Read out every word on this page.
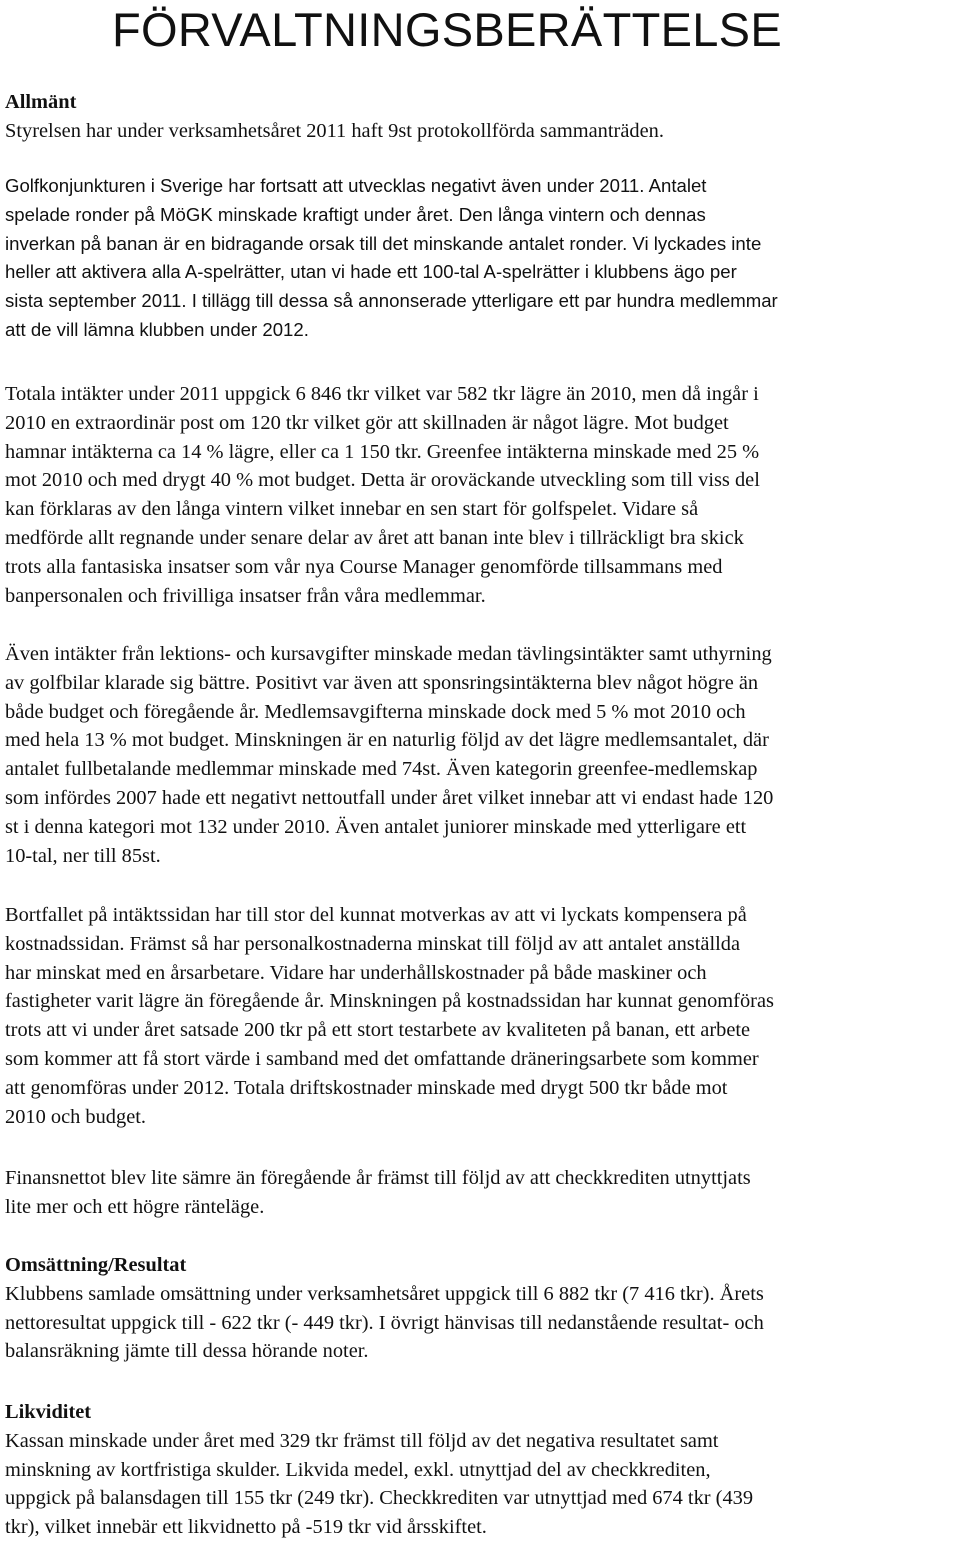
FÖRVALTNINGSBERÄTTELSE
Allmänt
Styrelsen har under verksamhetsåret 2011 haft 9st protokollförda sammanträden.
Golfkonjunkturen i Sverige har fortsatt att utvecklas negativt även under 2011. Antalet
spelade ronder på MöGK minskade kraftigt under året. Den långa vintern och dennas
inverkan på banan är en bidragande orsak till det minskande antalet ronder. Vi lyckades inte
heller att aktivera alla A-spelrätter, utan vi hade ett 100-tal A-spelrätter i klubbens ägo per
sista september 2011. I tillägg till dessa så annonserade ytterligare ett par hundra medlemmar
att de vill lämna klubben under 2012.
Totala intäkter under 2011 uppgick 6 846 tkr vilket var 582 tkr lägre än 2010, men då ingår i
2010 en extraordinär post om 120 tkr vilket gör att skillnaden är något lägre. Mot budget
hamnar intäkterna ca 14 % lägre, eller ca 1 150 tkr. Greenfee intäkterna minskade med 25 %
mot 2010 och med drygt 40 % mot budget. Detta är oroväckande utveckling som till viss del
kan förklaras av den långa vintern vilket innebar en sen start för golfspelet. Vidare så
medförde allt regnande under senare delar av året att banan inte blev i tillräckligt bra skick
trots alla fantasiska insatser som vår nya Course Manager genomförde tillsammans med
banpersonalen och frivilliga insatser från våra medlemmar.
Även intäkter från lektions- och kursavgifter minskade medan tävlingsintäkter samt uthyrning
av golfbilar klarade sig bättre. Positivt var även att sponsringsintäkterna blev något högre än
både budget och föregående år. Medlemsavgifterna minskade dock med 5 % mot 2010 och
med hela 13 % mot budget. Minskningen är en naturlig följd av det lägre medlemsantalet, där
antalet fullbetalande medlemmar minskade med 74st. Även kategorin greenfee-medlemskap
som infördes 2007 hade ett negativt nettoutfall under året vilket innebar att vi endast hade 120
st i denna kategori mot 132 under 2010. Även antalet juniorer minskade med ytterligare ett
10-tal, ner till 85st.
Bortfallet på intäktssidan har till stor del kunnat motverkas av att vi lyckats kompensera på
kostnadssidan. Främst så har personalkostnaderna minskat till följd av att antalet anställda
har minskat med en årsarbetare. Vidare har underhållskostnader på både maskiner och
fastigheter varit lägre än föregående år. Minskningen på kostnadssidan har kunnat genomföras
trots att vi under året satsade 200 tkr på ett stort testarbete av kvaliteten på banan, ett arbete
som kommer att få stort värde i samband med det omfattande dräneringsarbete som kommer
att genomföras under 2012. Totala driftskostnader minskade med drygt 500 tkr både mot
2010 och budget.
Finansnettot blev lite sämre än föregående år främst till följd av att checkkrediten utnyttjats
lite mer och ett högre ränteläge.
Omsättning/Resultat
Klubbens samlade omsättning under verksamhetsåret uppgick till 6 882 tkr (7 416 tkr). Årets
nettoresultat uppgick till - 622 tkr (- 449 tkr). I övrigt hänvisas till nedanstående resultat- och
balansräkning jämte till dessa hörande noter.
Likviditet
Kassan minskade under året med 329 tkr främst till följd av det negativa resultatet samt
minskning av kortfristiga skulder. Likvida medel, exkl. utnyttjad del av checkkrediten,
uppgick på balansdagen till 155 tkr (249 tkr). Checkkrediten var utnyttjad med 674 tkr (439
tkr), vilket innebär ett likvidnetto på -519 tkr vid årsskiftet.
